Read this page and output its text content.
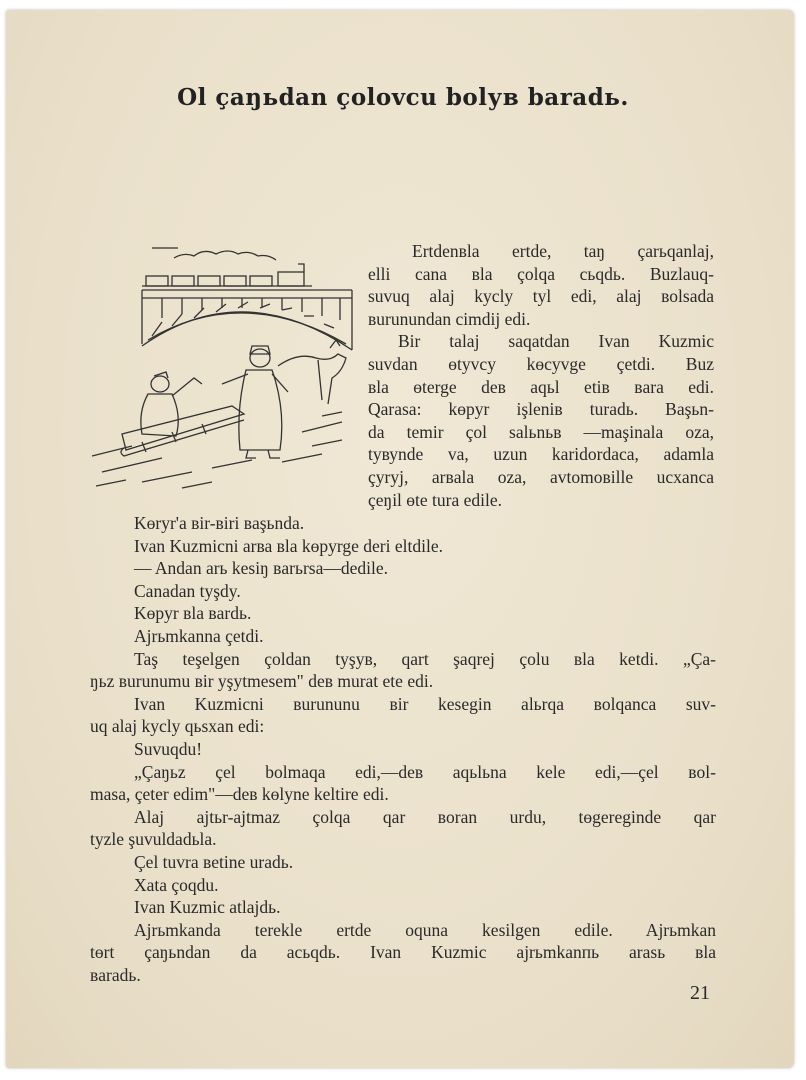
Ol çaŋьdan çolovcu bolув baradь.
Ertdenвla ertde, taŋ çarьqanlaj,
elli cana вla çolqa сьqdь. Buzlauq-
suvuq alaj kycly tyl edi, alaj воlsada
вurunundan cimdij edi.
Bir talaj saqatdan Ivan Kuzmic
suvdan өtyvcy kөcyvge çetdi. Buz
вla өterge deв aqьl etiв вara edi.
Qarasa: kөpyr işleniв turadь. Başьn-
da temir çol salьnьв —maşinala oza,
tувуnde va, uzun karidordaca, adamla
çyryj, arвala oza, avtomoвille ucxanca
çeŋil өte tura edile.
Kөryr'a вir-вiri вaşьnda.
Ivan Kuzmicni arва вla kөpyrge deri eltdile.
— Andan arь kesiŋ вarьrsa—dedile.
Canadan tyşdy.
Kөpyr вla вardь.
Ajrьmkanna çetdi.
Taş teşelgen çoldan tyşyв, qart şaqrej çolu вla ketdi. „Ça-
ŋьz вurunumu вir yşytmesem" deв murat ete edi.
Ivan Kuzmicni вurununu вir kesegin alьrqa вolqanca suv-
uq alaj kycly qьsxan edi:
Suvuqdu!
„Çaŋьz çel bolmaqa edi,—deв aqьlьna kele edi,—çel вol-
masa, çeter edim"—deв kөlyne keltire edi.
Alaj ajtьr-ajtmaz çolqa qar вoran urdu, tөgereginde qar
tyzle şuvuldadьla.
Çel tuvra вetine uradь.
Xata çoqdu.
Ivan Kuzmic atlajdь.
Ajrьmkanda terekle ertde oquna kesilgen edile. Ajrьmkan
tөrt çaŋьndan da асьqdь. Ivan Kuzmic ajrьmkanпь arasь вla
вaradь.
21
